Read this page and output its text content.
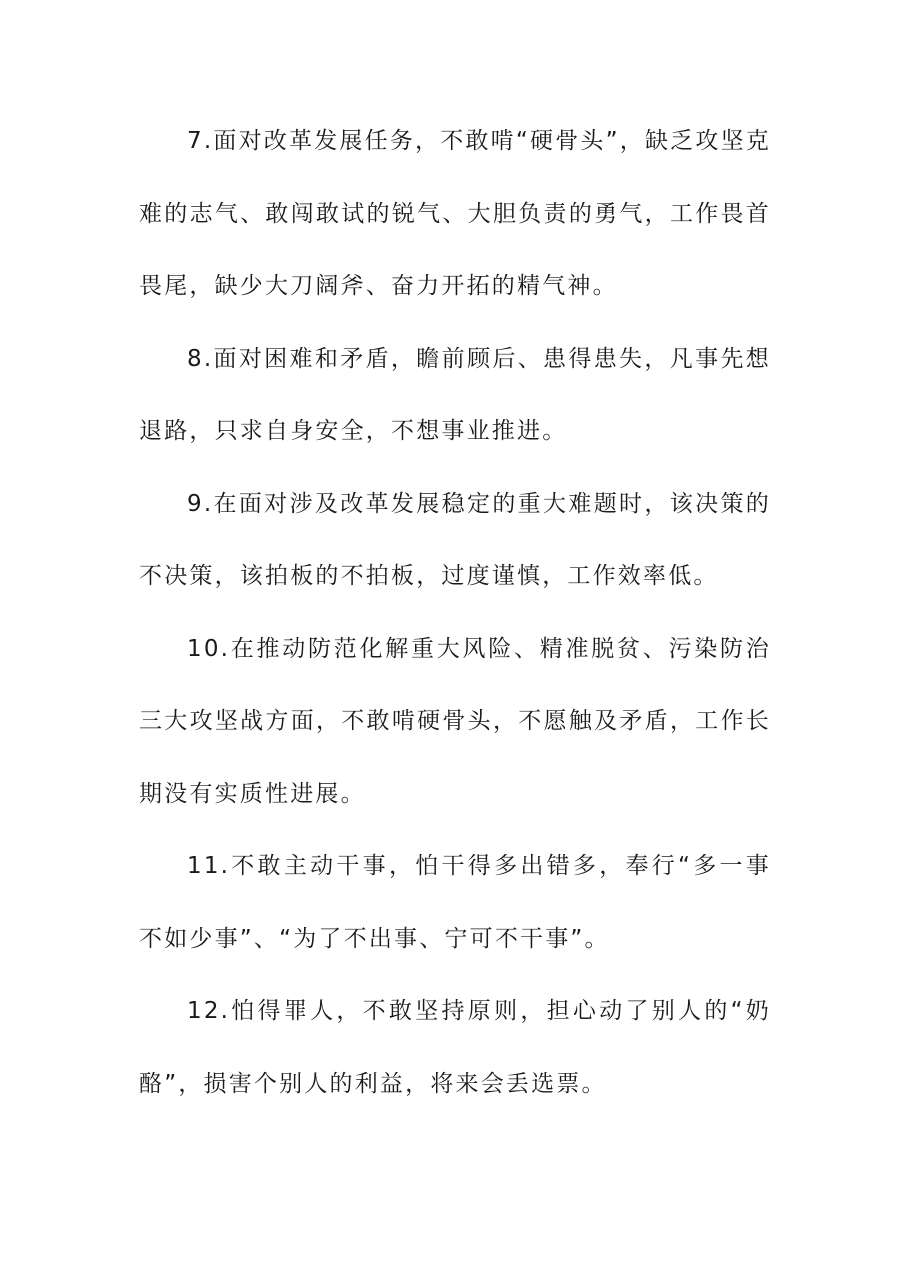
7.面对改革发展任务，不敢啃“硬骨头”，缺乏攻坚克难的志气、敢闯敢试的锐气、大胆负责的勇气，工作畏首畏尾，缺少大刀阔斧、奋力开拓的精气神。

8.面对困难和矛盾，瞻前顾后、患得患失，凡事先想退路，只求自身安全，不想事业推进。

9.在面对涉及改革发展稳定的重大难题时，该决策的不决策，该拍板的不拍板，过度谨慎，工作效率低。

10.在推动防范化解重大风险、精准脱贫、污染防治三大攻坚战方面，不敢啃硬骨头，不愿触及矛盾，工作长期没有实质性进展。

11.不敢主动干事，怕干得多出错多，奉行“多一事不如少事”、“为了不出事、宁可不干事”。

12.怕得罪人，不敢坚持原则，担心动了别人的“奶酪”，损害个别人的利益，将来会丢选票。
